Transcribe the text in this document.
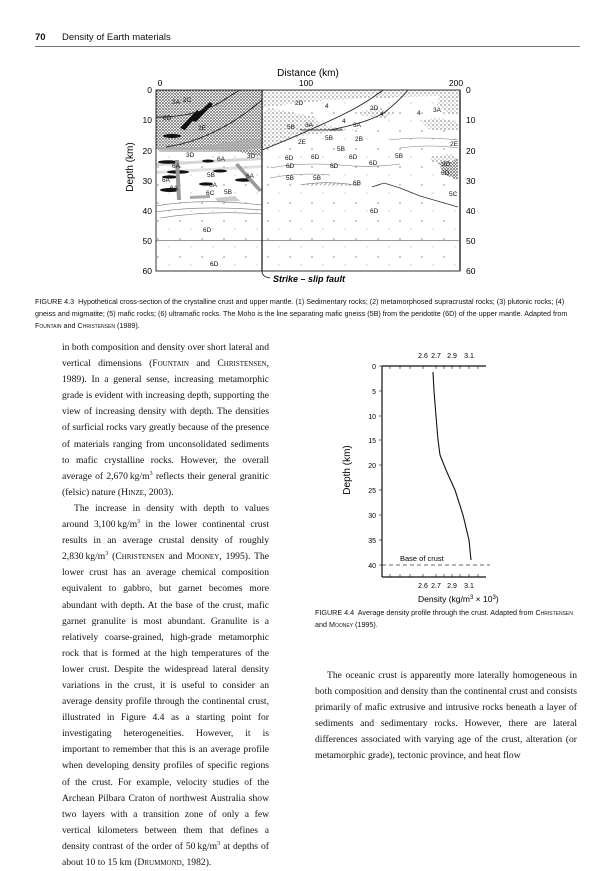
70 Density of Earth materials
Distance (km)
0	100	200
6D
3A 2C
2E
6A
6A
3D
6A
5B
6A
6A
6A
3D
6C
6D
5B
2D	4
3A
5B
4
3A
2D
4	4 3A
5B	2B
2E
5B
6D	6D	5B
2E
3D
6D
5C
6D
6D
6B
5B
6D
5B
6D
6D
Depth (km)
0
10
20
30
40
50
60
0
10
20
30
40
50
60
6D
Strike – slip fault
FIGURE 4.3 Hypothetical cross-section of the crystalline crust and upper mantle. (1) Sedimentary rocks; (2) metamorphosed supracrustal rocks; (3) plutonic rocks; (4) gneiss and migmatite; (5) mafic rocks; (6) ultramafic rocks. The Moho is the line separating mafic gneiss (5B) from the peridotite (6D) of the upper mantle. Adapted from Fountain and Christensen (1989).

in both composition and density over short lateral and vertical dimensions (Fountain and Christensen, 1989). In a general sense, increasing metamorphic grade is evident with increasing depth, supporting the view of increasing density with depth. The densities of surficial rocks vary greatly because of the presence of materials ranging from unconsolidated sediments to mafic crystalline rocks. However, the overall average of 2,670 $kg/m^3$ reflects their general granitic (felsic) nature (Hinze, 2003).

The increase in density with depth to values around 3,100 $kg/m^3$ in the lower continental crust results in an average crustal density of roughly 2,830 $kg/m^3$ (Christensen and Mooney, 1995). The lower crust has an average chemical composition equivalent to gabbro, but garnet becomes more abundant with depth. At the base of the crust, mafic garnet granulite is most abundant. Granulite is a relatively coarse-grained, high-grade metamorphic rock that is formed at the high temperatures of the lower crust. Despite the widespread lateral density variations in the crust, it is useful to consider an average density profile through the continental crust, illustrated in Figure 4.4 as a starting point for investigating heterogeneities. However, it is important to remember that this is an average profile when developing density profiles of specific regions of the crust. For example, velocity studies of the Archean Pilbara Craton of northwest Australia show two layers with a transition zone of only a few vertical kilometers between them that defines a density contrast of the order of 50 $kg/m^3$ at depths of about 10 to 15 km (Drummond, 1982).

2.6 2.7 2.9 3.1
0
5
10
15
20
25
30
35
40
Depth (km)
Base of crust
2.6 2.7 2.9 3.1
Density $(kg/m^3 \times 10^3)$
FIGURE 4.4 Average density profile through the crust. Adapted from Christensen and Mooney (1995).

The oceanic crust is apparently more laterally homogeneous in both composition and density than the continental crust and consists primarily of mafic extrusive and intrusive rocks beneath a layer of sediments and sedimentary rocks. However, there are lateral differences associated with varying age of the crust, alteration (or metamorphic grade), tectonic province, and heat flow
